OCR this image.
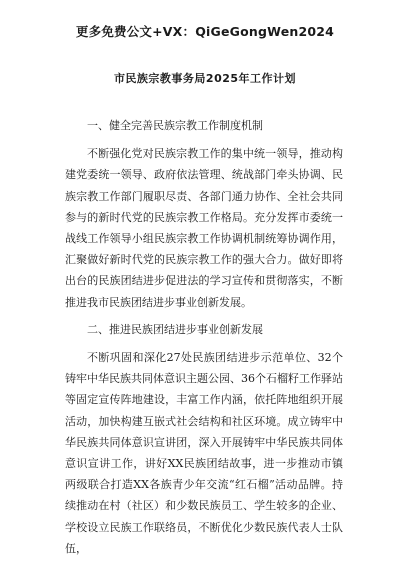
更多免费公文+VX：QiGeGongWen2024
市民族宗教事务局2025年工作计划
一、健全完善民族宗教工作制度机制
不断强化党对民族宗教工作的集中统一领导，推动构建党委统一领导、政府依法管理、统战部门牵头协调、民族宗教工作部门履职尽责、各部门通力协作、全社会共同参与的新时代党的民族宗教工作格局。充分发挥市委统一战线工作领导小组民族宗教工作协调机制统筹协调作用，汇聚做好新时代党的民族宗教工作的强大合力。做好即将出台的民族团结进步促进法的学习宣传和贯彻落实，不断推进我市民族团结进步事业创新发展。
二、推进民族团结进步事业创新发展
不断巩固和深化27处民族团结进步示范单位、32个铸牢中华民族共同体意识主题公园、36个石榴籽工作驿站等固定宣传阵地建设，丰富工作内涵，依托阵地组织开展活动，加快构建互嵌式社会结构和社区环境。成立铸牢中华民族共同体意识宣讲团，深入开展铸牢中华民族共同体意识宣讲工作，讲好XX民族团结故事，进一步推动市镇两级联合打造XX各族青少年交流“红石榴”活动品牌。持续推动在村（社区）和少数民族员工、学生较多的企业、学校设立民族工作联络员，不断优化少数民族代表人士队伍，
